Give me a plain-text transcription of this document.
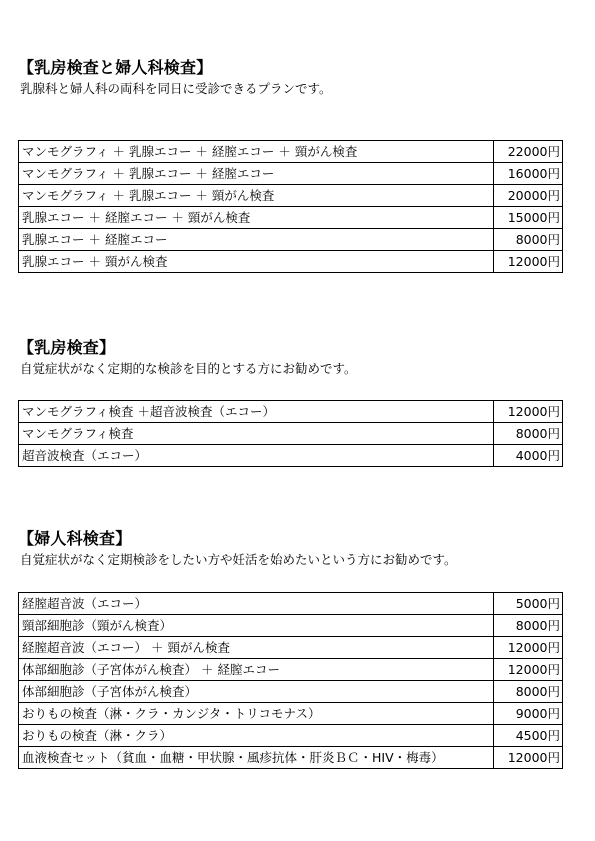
【乳房検査と婦人科検査】

乳腺科と婦人科の両科を同日に受診できるプランです。

マンモグラフィ ＋ 乳腺エコー ＋ 経膣エコー ＋ 頸がん検査	22000円
マンモグラフィ ＋ 乳腺エコー ＋ 経膣エコー	16000円
マンモグラフィ ＋ 乳腺エコー ＋ 頸がん検査	20000円
乳腺エコー ＋ 経膣エコー ＋ 頸がん検査	15000円
乳腺エコー ＋ 経膣エコー	8000円
乳腺エコー ＋ 頸がん検査	12000円
【乳房検査】

自覚症状がなく定期的な検診を目的とする方にお勧めです。

マンモグラフィ検査 ＋超音波検査（エコー）	12000円
マンモグラフィ検査	8000円
超音波検査（エコー）	4000円
【婦人科検査】

自覚症状がなく定期検診をしたい方や妊活を始めたいという方にお勧めです。

経膣超音波（エコー）	5000円
頸部細胞診（頸がん検査）	8000円
経膣超音波（エコー） ＋ 頸がん検査	12000円
体部細胞診（子宮体がん検査） ＋ 経膣エコー	12000円
体部細胞診（子宮体がん検査）	8000円
おりもの検査（淋・クラ・カンジタ・トリコモナス）	9000円
おりもの検査（淋・クラ）	4500円
血液検査セット（貧血・血糖・甲状腺・風疹抗体・肝炎ＢＣ・HIV・梅毒）	12000円
